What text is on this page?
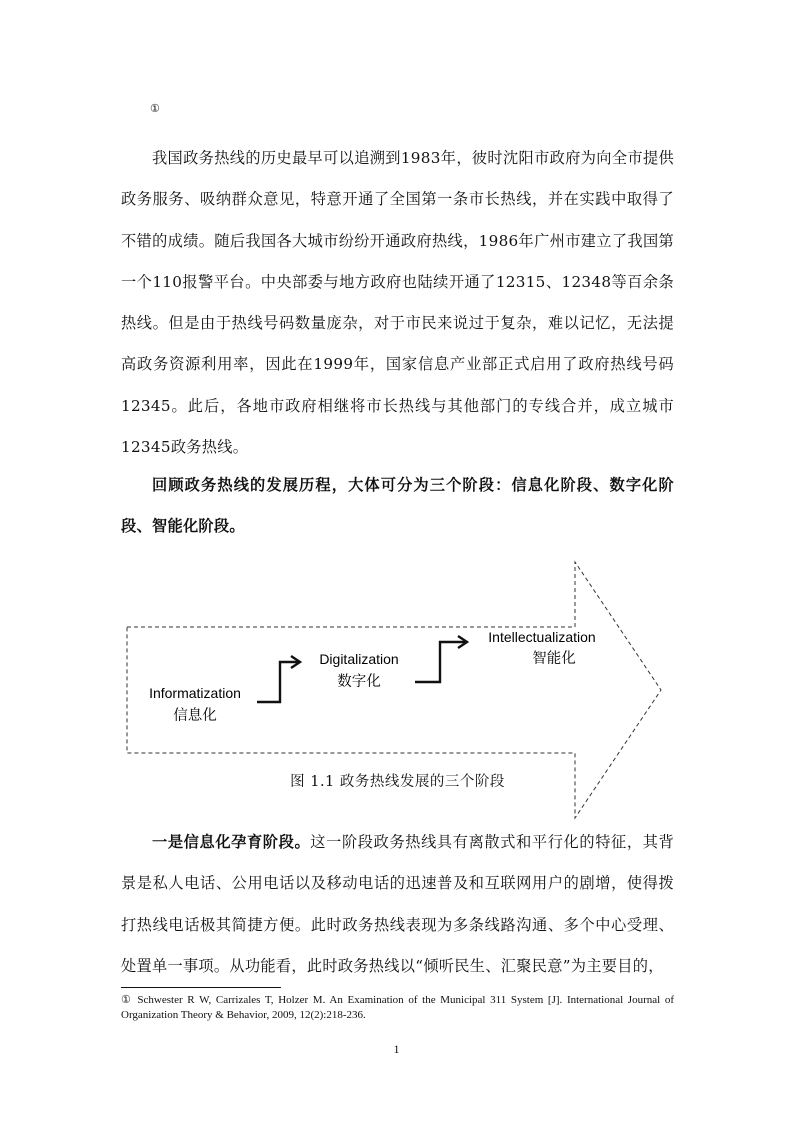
①

我国政务热线的历史最早可以追溯到1983年，彼时沈阳市政府为向全市提供政务服务、吸纳群众意见，特意开通了全国第一条市长热线，并在实践中取得了不错的成绩。随后我国各大城市纷纷开通政府热线，1986年广州市建立了我国第一个110报警平台。中央部委与地方政府也陆续开通了12315、12348等百余条热线。但是由于热线号码数量庞杂，对于市民来说过于复杂，难以记忆，无法提高政务资源利用率，因此在1999年，国家信息产业部正式启用了政府热线号码12345。此后，各地市政府相继将市长热线与其他部门的专线合并，成立城市12345政务热线。

回顾政务热线的发展历程，大体可分为三个阶段：信息化阶段、数字化阶段、智能化阶段。

Informatization
信息化
Digitalization
数字化
Intellectualization
智能化
图 1.1 政务热线发展的三个阶段

一是信息化孕育阶段。这一阶段政务热线具有离散式和平行化的特征，其背景是私人电话、公用电话以及移动电话的迅速普及和互联网用户的剧增，使得拨打热线电话极其简捷方便。此时政务热线表现为多条线路沟通、多个中心受理、处置单一事项。从功能看，此时政务热线以“倾听民生、汇聚民意”为主要目的，

① Schwester R W, Carrizales T, Holzer M. An Examination of the Municipal 311 System [J]. International Journal of Organization Theory & Behavior, 2009, 12(2):218-236.
1
